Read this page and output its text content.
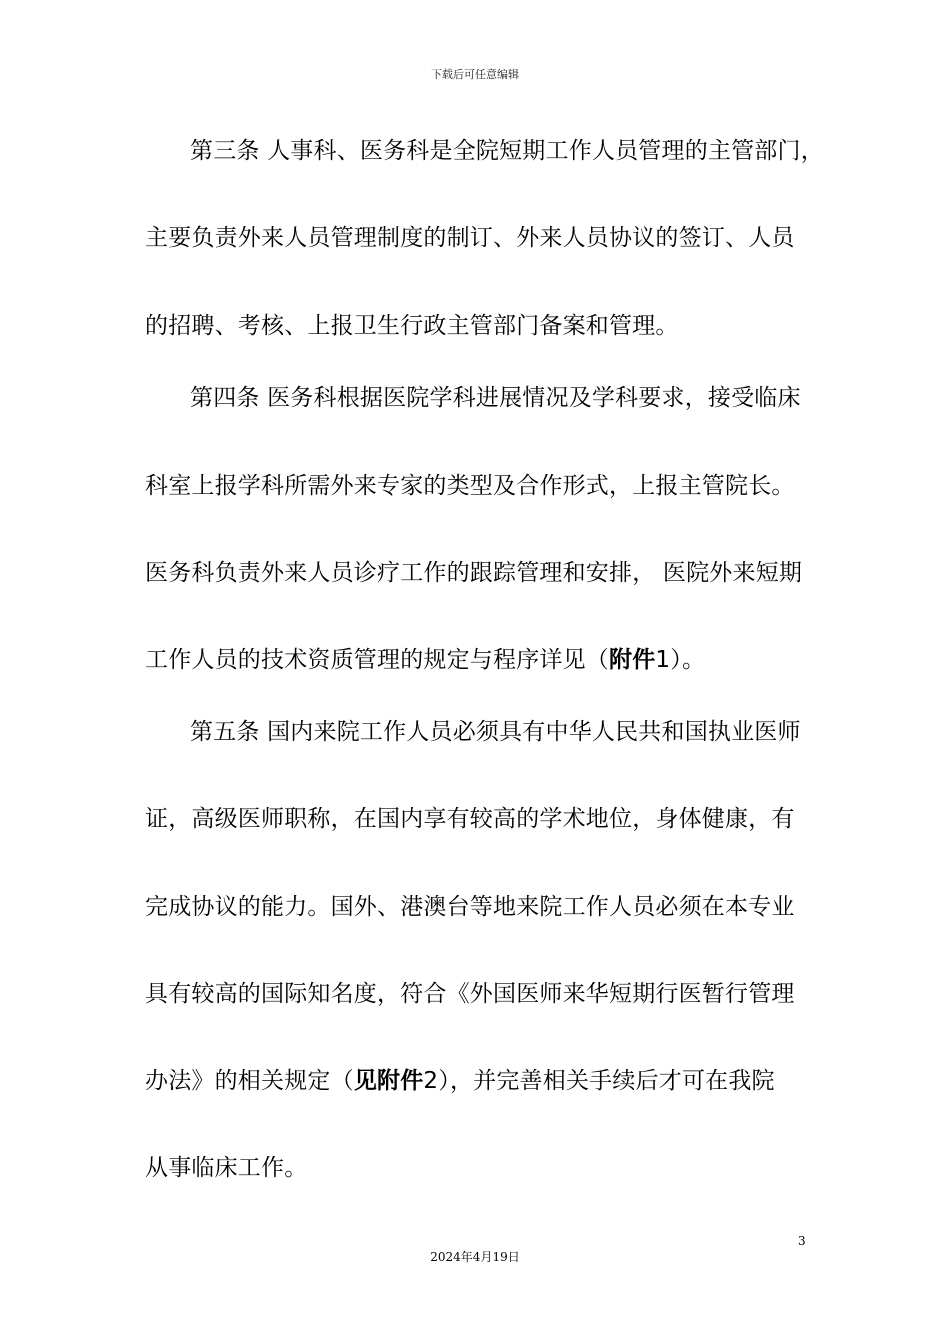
下载后可任意编辑
第三条 人事科、医务科是全院短期工作人员管理的主管部门，
主要负责外来人员管理制度的制订、外来人员协议的签订、人员
的招聘、考核、上报卫生行政主管部门备案和管理。
第四条 医务科根据医院学科进展情况及学科要求，接受临床
科室上报学科所需外来专家的类型及合作形式，上报主管院长。
医务科负责外来人员诊疗工作的跟踪管理和安排， 医院外来短期
工作人员的技术资质管理的规定与程序详见（附件1）。
第五条 国内来院工作人员必须具有中华人民共和国执业医师
证，高级医师职称，在国内享有较高的学术地位，身体健康，有
完成协议的能力。国外、港澳台等地来院工作人员必须在本专业
具有较高的国际知名度，符合《外国医师来华短期行医暂行管理
办法》的相关规定（见附件2），并完善相关手续后才可在我院
从事临床工作。
3
2024年4月19日
